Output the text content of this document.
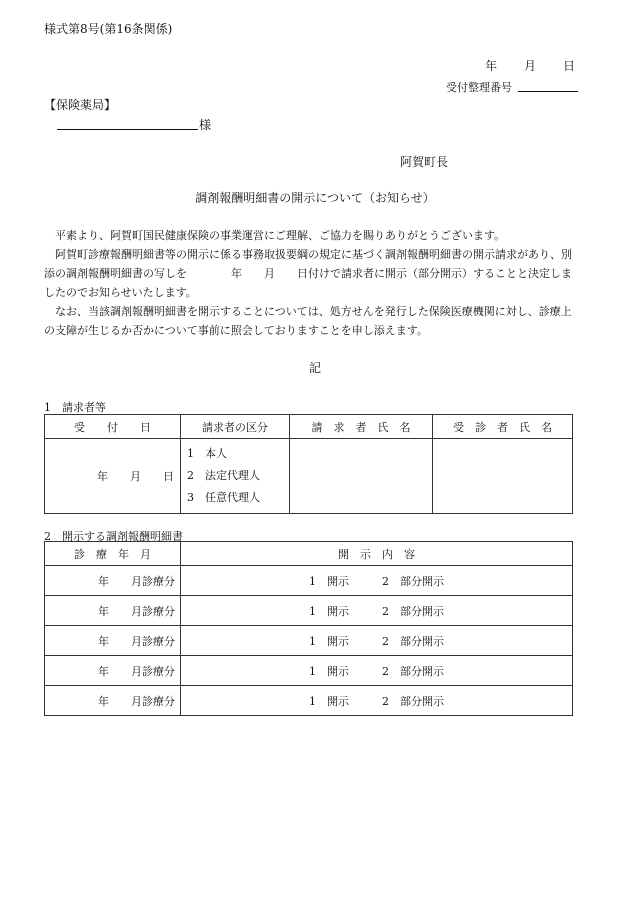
様式第8号(第16条関係)
年　　月　　日
受付整理番号
【保険薬局】
様
阿賀町長
調剤報酬明細書の開示について（お知らせ）

平素より、阿賀町国民健康保険の事業運営にご理解、ご協力を賜りありがとうございます。

阿賀町診療報酬明細書等の開示に係る事務取扱要綱の規定に基づく調剤報酬明細書の開示請求があり、別添の調剤報酬明細書の写しを　　　　年　　月　　日付けで請求者に開示（部分開示）することと決定しましたのでお知らせいたします。

なお、当該調剤報酬明細書を開示することについては、処方せんを発行した保険医療機関に対し、診療上の支障が生じるか否かについて事前に照会しておりますことを申し添えます。

記
1　請求者等
受　　付　　日	請求者の区分	請　求　者　氏　名	受　診　者　氏　名
年　　月　　日	1　本人
2　法定代理人
3　任意代理人		

2　開示する調剤報酬明細書
診　療　年　月	開　示　内　容
年　　月診療分	1　開示　　　2　部分開示
年　　月診療分	1　開示　　　2　部分開示
年　　月診療分	1　開示　　　2　部分開示
年　　月診療分	1　開示　　　2　部分開示
年　　月診療分	1　開示　　　2　部分開示
